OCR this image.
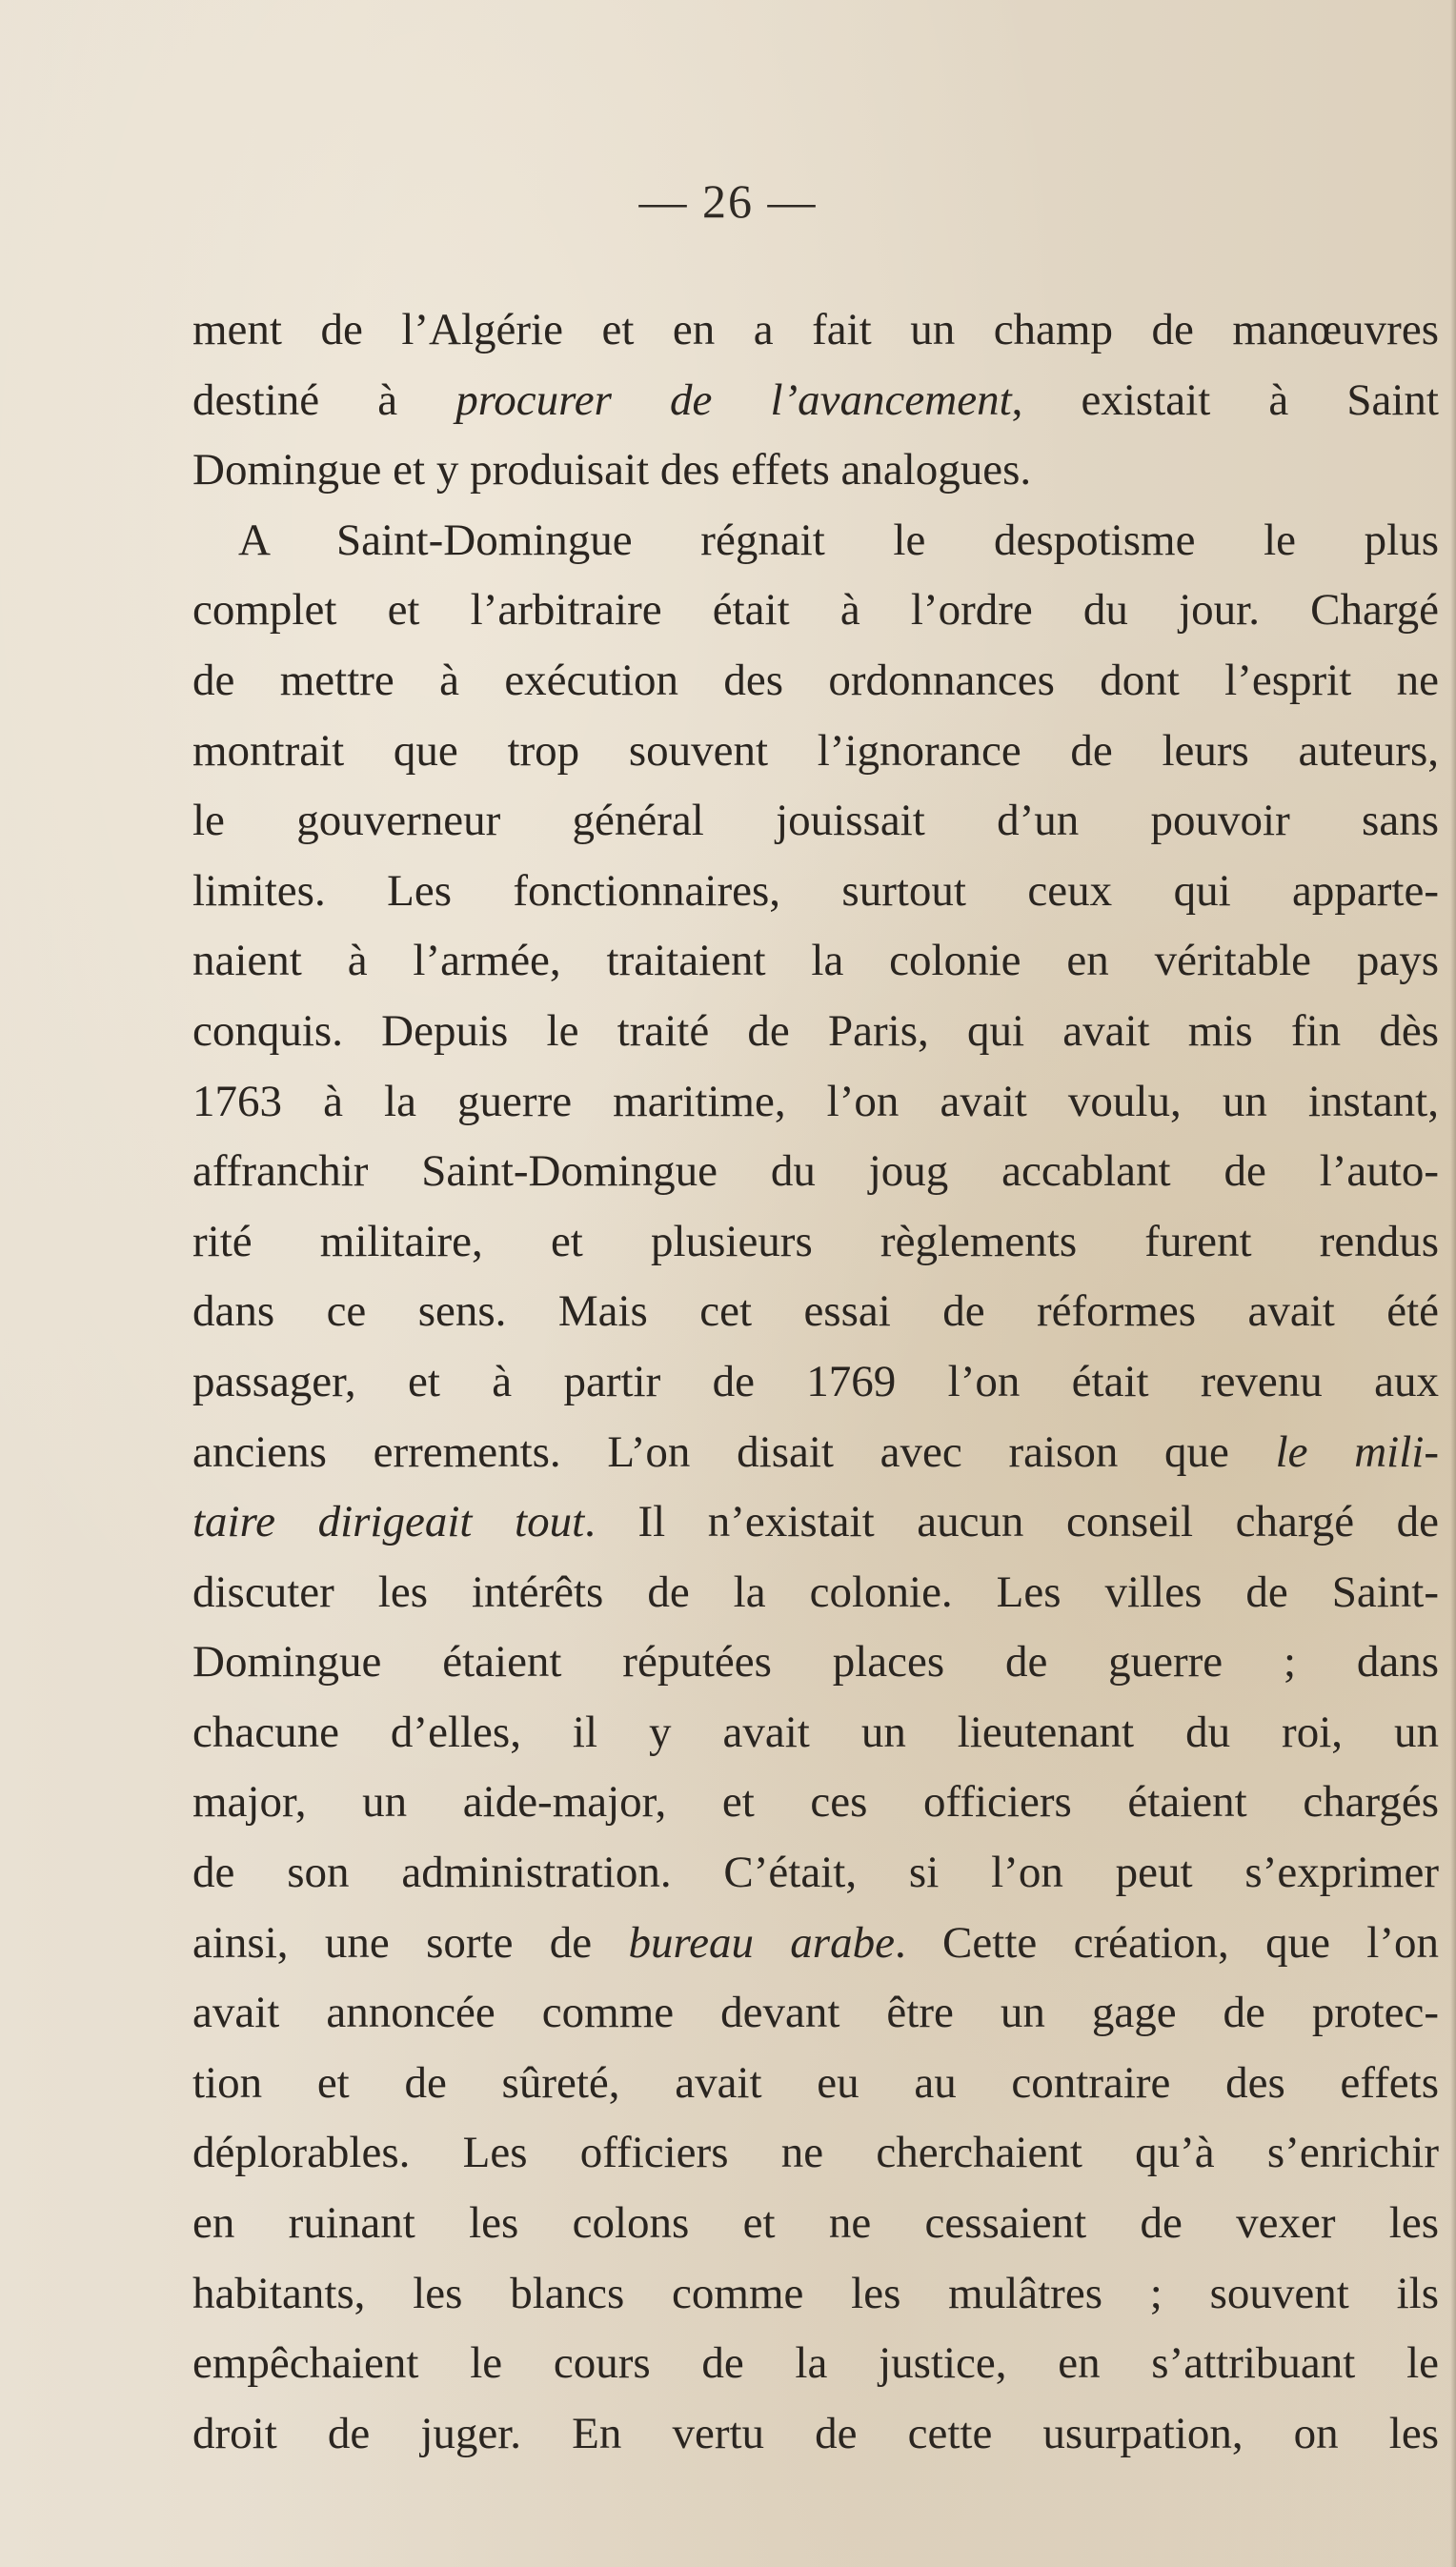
— 26 —
ment de l’Algérie et en a fait un champ de manœuvres
destiné à procurer de l’avancement, existait à Saint
Domingue et y produisait des effets analogues.
A Saint-Domingue régnait le despotisme le plus
complet et l’arbitraire était à l’ordre du jour. Chargé
de mettre à exécution des ordonnances dont l’esprit ne
montrait que trop souvent l’ignorance de leurs auteurs,
le gouverneur général jouissait d’un pouvoir sans
limites. Les fonctionnaires, surtout ceux qui apparte-
naient à l’armée, traitaient la colonie en véritable pays
conquis. Depuis le traité de Paris, qui avait mis fin dès
1763 à la guerre maritime, l’on avait voulu, un instant,
affranchir Saint-Domingue du joug accablant de l’auto-
rité militaire, et plusieurs règlements furent rendus
dans ce sens. Mais cet essai de réformes avait été
passager, et à partir de 1769 l’on était revenu aux
anciens errements. L’on disait avec raison que le mili-
taire dirigeait tout. Il n’existait aucun conseil chargé de
discuter les intérêts de la colonie. Les villes de Saint-
Domingue étaient réputées places de guerre ; dans
chacune d’elles, il y avait un lieutenant du roi, un
major, un aide-major, et ces officiers étaient chargés
de son administration. C’était, si l’on peut s’exprimer
ainsi, une sorte de bureau arabe. Cette création, que l’on
avait annoncée comme devant être un gage de protec-
tion et de sûreté, avait eu au contraire des effets
déplorables. Les officiers ne cherchaient qu’à s’enrichir
en ruinant les colons et ne cessaient de vexer les
habitants, les blancs comme les mulâtres ; souvent ils
empêchaient le cours de la justice, en s’attribuant le
droit de juger. En vertu de cette usurpation, on les
